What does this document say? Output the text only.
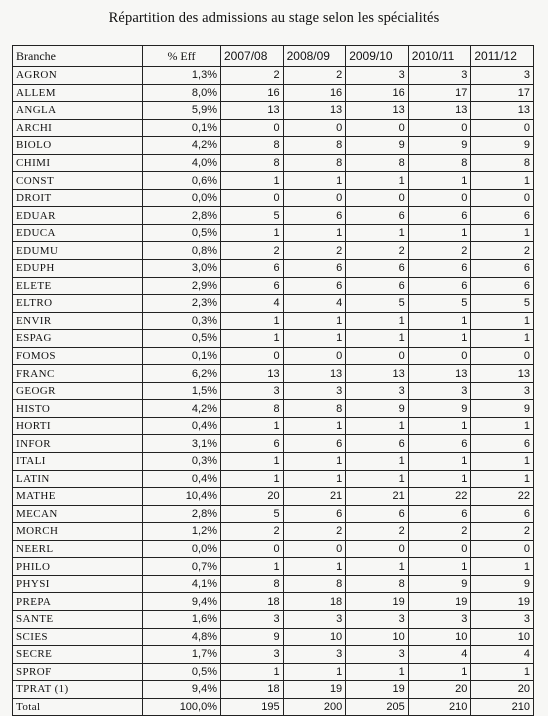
Répartition des admissions au stage selon les spécialités
Branche	% Eff	2007/08	2008/09	2009/10	2010/11	2011/12
AGRON	1,3%	2	2	3	3	3
ALLEM	8,0%	16	16	16	17	17
ANGLA	5,9%	13	13	13	13	13
ARCHI	0,1%	0	0	0	0	0
BIOLO	4,2%	8	8	9	9	9
CHIMI	4,0%	8	8	8	8	8
CONST	0,6%	1	1	1	1	1
DROIT	0,0%	0	0	0	0	0
EDUAR	2,8%	5	6	6	6	6
EDUCA	0,5%	1	1	1	1	1
EDUMU	0,8%	2	2	2	2	2
EDUPH	3,0%	6	6	6	6	6
ELETE	2,9%	6	6	6	6	6
ELTRO	2,3%	4	4	5	5	5
ENVIR	0,3%	1	1	1	1	1
ESPAG	0,5%	1	1	1	1	1
FOMOS	0,1%	0	0	0	0	0
FRANC	6,2%	13	13	13	13	13
GEOGR	1,5%	3	3	3	3	3
HISTO	4,2%	8	8	9	9	9
HORTI	0,4%	1	1	1	1	1
INFOR	3,1%	6	6	6	6	6
ITALI	0,3%	1	1	1	1	1
LATIN	0,4%	1	1	1	1	1
MATHE	10,4%	20	21	21	22	22
MECAN	2,8%	5	6	6	6	6
MORCH	1,2%	2	2	2	2	2
NEERL	0,0%	0	0	0	0	0
PHILO	0,7%	1	1	1	1	1
PHYSI	4,1%	8	8	8	9	9
PREPA	9,4%	18	18	19	19	19
SANTE	1,6%	3	3	3	3	3
SCIES	4,8%	9	10	10	10	10
SECRE	1,7%	3	3	3	4	4
SPROF	0,5%	1	1	1	1	1
TPRAT (1)	9,4%	18	19	19	20	20
Total	100,0%	195	200	205	210	210
